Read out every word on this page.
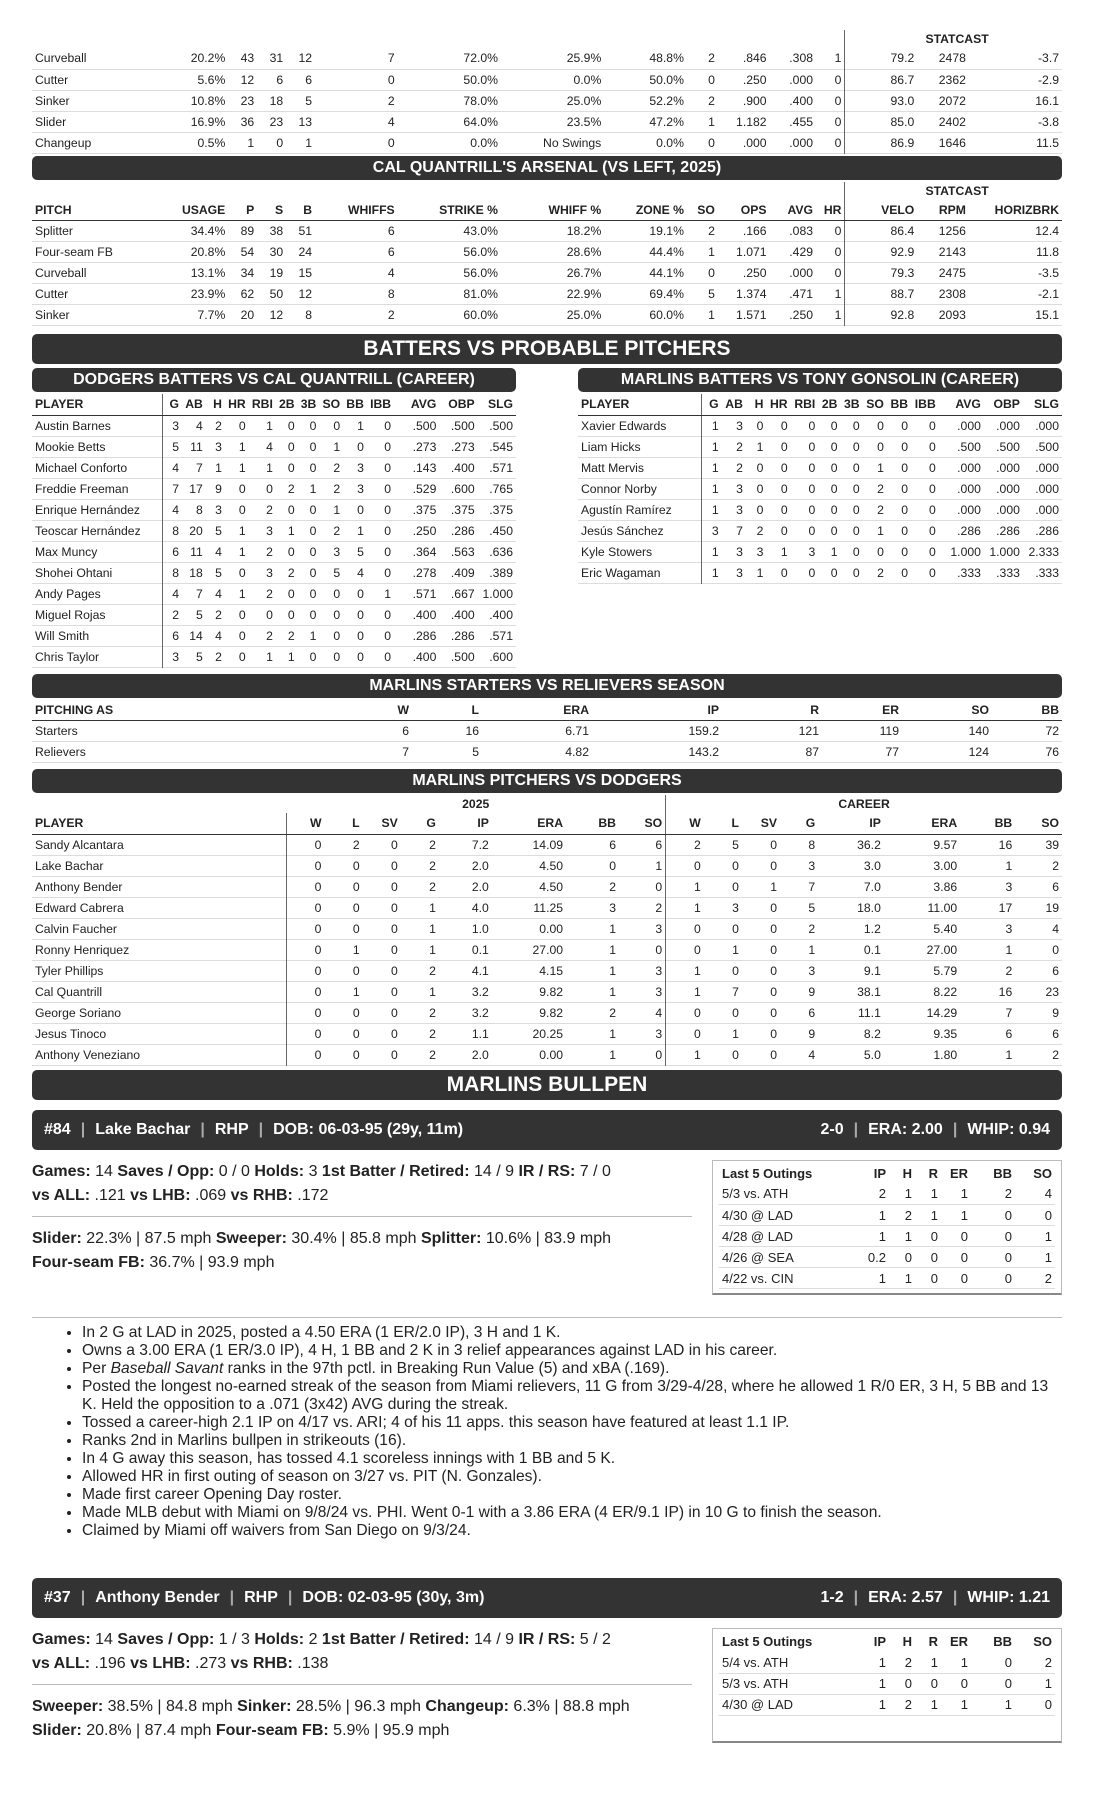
													STATCAST		
Curveball	20.2%	43	31	12	7	72.0%	25.9%	48.8%	2	.846	.308	1	79.2	2478	-3.7
Cutter	5.6%	12	6	6	0	50.0%	0.0%	50.0%	0	.250	.000	0	86.7	2362	-2.9
Sinker	10.8%	23	18	5	2	78.0%	25.0%	52.2%	2	.900	.400	0	93.0	2072	16.1
Slider	16.9%	36	23	13	4	64.0%	23.5%	47.2%	1	1.182	.455	0	85.0	2402	-3.8
Changeup	0.5%	1	0	1	0	0.0%	No Swings	0.0%	0	.000	.000	0	86.9	1646	11.5
CAL QUANTRILL'S ARSENAL (VS LEFT, 2025)
													STATCAST		
PITCH	USAGE	P	S	B	WHIFFS	STRIKE %	WHIFF %	ZONE %	SO	OPS	AVG	HR	VELO	RPM	HORIZBRK
Splitter	34.4%	89	38	51	6	43.0%	18.2%	19.1%	2	.166	.083	0	86.4	1256	12.4
Four-seam FB	20.8%	54	30	24	6	56.0%	28.6%	44.4%	1	1.071	.429	0	92.9	2143	11.8
Curveball	13.1%	34	19	15	4	56.0%	26.7%	44.1%	0	.250	.000	0	79.3	2475	-3.5
Cutter	23.9%	62	50	12	8	81.0%	22.9%	69.4%	5	1.374	.471	1	88.7	2308	-2.1
Sinker	7.7%	20	12	8	2	60.0%	25.0%	60.0%	1	1.571	.250	1	92.8	2093	15.1
BATTERS VS PROBABLE PITCHERS
DODGERS BATTERS VS CAL QUANTRILL (CAREER)
PLAYER	G	AB	H	HR	RBI	2B	3B	SO	BB	IBB	AVG	OBP	SLG
Austin Barnes	3	4	2	0	1	0	0	0	1	0	.500	.500	.500
Mookie Betts	5	11	3	1	4	0	0	1	0	0	.273	.273	.545
Michael Conforto	4	7	1	1	1	0	0	2	3	0	.143	.400	.571
Freddie Freeman	7	17	9	0	0	2	1	2	3	0	.529	.600	.765
Enrique Hernández	4	8	3	0	2	0	0	1	0	0	.375	.375	.375
Teoscar Hernández	8	20	5	1	3	1	0	2	1	0	.250	.286	.450
Max Muncy	6	11	4	1	2	0	0	3	5	0	.364	.563	.636
Shohei Ohtani	8	18	5	0	3	2	0	5	4	0	.278	.409	.389
Andy Pages	4	7	4	1	2	0	0	0	0	1	.571	.667	1.000
Miguel Rojas	2	5	2	0	0	0	0	0	0	0	.400	.400	.400
Will Smith	6	14	4	0	2	2	1	0	0	0	.286	.286	.571
Chris Taylor	3	5	2	0	1	1	0	0	0	0	.400	.500	.600
MARLINS BATTERS VS TONY GONSOLIN (CAREER)
PLAYER	G	AB	H	HR	RBI	2B	3B	SO	BB	IBB	AVG	OBP	SLG
Xavier Edwards	1	3	0	0	0	0	0	0	0	0	.000	.000	.000
Liam Hicks	1	2	1	0	0	0	0	0	0	0	.500	.500	.500
Matt Mervis	1	2	0	0	0	0	0	1	0	0	.000	.000	.000
Connor Norby	1	3	0	0	0	0	0	2	0	0	.000	.000	.000
Agustín Ramírez	1	3	0	0	0	0	0	2	0	0	.000	.000	.000
Jesús Sánchez	3	7	2	0	0	0	0	1	0	0	.286	.286	.286
Kyle Stowers	1	3	3	1	3	1	0	0	0	0	1.000	1.000	2.333
Eric Wagaman	1	3	1	0	0	0	0	2	0	0	.333	.333	.333
MARLINS STARTERS VS RELIEVERS SEASON
PITCHING AS	W	L	ERA	IP	R	ER	SO	BB
Starters	6	16	6.71	159.2	121	119	140	72
Relievers	7	5	4.82	143.2	87	77	124	76
MARLINS PITCHERS VS DODGERS
	2025								CAREER							
PLAYER	W	L	SV	G	IP	ERA	BB	SO	W	L	SV	G	IP	ERA	BB	SO
Sandy Alcantara	0	2	0	2	7.2	14.09	6	6	2	5	0	8	36.2	9.57	16	39
Lake Bachar	0	0	0	2	2.0	4.50	0	1	0	0	0	3	3.0	3.00	1	2
Anthony Bender	0	0	0	2	2.0	4.50	2	0	1	0	1	7	7.0	3.86	3	6
Edward Cabrera	0	0	0	1	4.0	11.25	3	2	1	3	0	5	18.0	11.00	17	19
Calvin Faucher	0	0	0	1	1.0	0.00	1	3	0	0	0	2	1.2	5.40	3	4
Ronny Henriquez	0	1	0	1	0.1	27.00	1	0	0	1	0	1	0.1	27.00	1	0
Tyler Phillips	0	0	0	2	4.1	4.15	1	3	1	0	0	3	9.1	5.79	2	6
Cal Quantrill	0	1	0	1	3.2	9.82	1	3	1	7	0	9	38.1	8.22	16	23
George Soriano	0	0	0	2	3.2	9.82	2	4	0	0	0	6	11.1	14.29	7	9
Jesus Tinoco	0	0	0	2	1.1	20.25	1	3	0	1	0	9	8.2	9.35	6	6
Anthony Veneziano	0	0	0	2	2.0	0.00	1	0	1	0	0	4	5.0	1.80	1	2
MARLINS BULLPEN
#84 | Lake Bachar | RHP | DOB: 06-03-95 (29y, 11m)	2-0 | ERA: 2.00 | WHIP: 0.94
Games: 14 Saves / Opp: 0 / 0 Holds: 3 1st Batter / Retired: 14 / 9 IR / RS: 7 / 0
vs ALL: .121 vs LHB: .069 vs RHB: .172
Slider: 22.3% | 87.5 mph Sweeper: 30.4% | 85.8 mph Splitter: 10.6% | 83.9 mph
Four-seam FB: 36.7% | 93.9 mph
Last 5 Outings	IP	H	R	ER	BB	SO
5/3 vs. ATH	2	1	1	1	2	4
4/30 @ LAD	1	2	1	1	0	0
4/28 @ LAD	1	1	0	0	0	1
4/26 @ SEA	0.2	0	0	0	0	1
4/22 vs. CIN	1	1	0	0	0	2
• In 2 G at LAD in 2025, posted a 4.50 ERA (1 ER/2.0 IP), 3 H and 1 K.
• Owns a 3.00 ERA (1 ER/3.0 IP), 4 H, 1 BB and 2 K in 3 relief appearances against LAD in his career.
• Per Baseball Savant ranks in the 97th pctl. in Breaking Run Value (5) and xBA (.169).
• Posted the longest no-earned streak of the season from Miami relievers, 11 G from 3/29-4/28, where he allowed 1 R/0 ER, 3 H, 5 BB and 13 K. Held the opposition to a .071 (3x42) AVG during the streak.
• Tossed a career-high 2.1 IP on 4/17 vs. ARI; 4 of his 11 apps. this season have featured at least 1.1 IP.
• Ranks 2nd in Marlins bullpen in strikeouts (16).
• In 4 G away this season, has tossed 4.1 scoreless innings with 1 BB and 5 K.
• Allowed HR in first outing of season on 3/27 vs. PIT (N. Gonzales).
• Made first career Opening Day roster.
• Made MLB debut with Miami on 9/8/24 vs. PHI. Went 0-1 with a 3.86 ERA (4 ER/9.1 IP) in 10 G to finish the season.
• Claimed by Miami off waivers from San Diego on 9/3/24.
#37 | Anthony Bender | RHP | DOB: 02-03-95 (30y, 3m)	1-2 | ERA: 2.57 | WHIP: 1.21
Games: 14 Saves / Opp: 1 / 3 Holds: 2 1st Batter / Retired: 14 / 9 IR / RS: 5 / 2
vs ALL: .196 vs LHB: .273 vs RHB: .138
Sweeper: 38.5% | 84.8 mph Sinker: 28.5% | 96.3 mph Changeup: 6.3% | 88.8 mph
Slider: 20.8% | 87.4 mph Four-seam FB: 5.9% | 95.9 mph
Last 5 Outings	IP	H	R	ER	BB	SO
5/4 vs. ATH	1	2	1	1	0	2
5/3 vs. ATH	1	0	0	0	0	1
4/30 @ LAD	1	2	1	1	1	0
